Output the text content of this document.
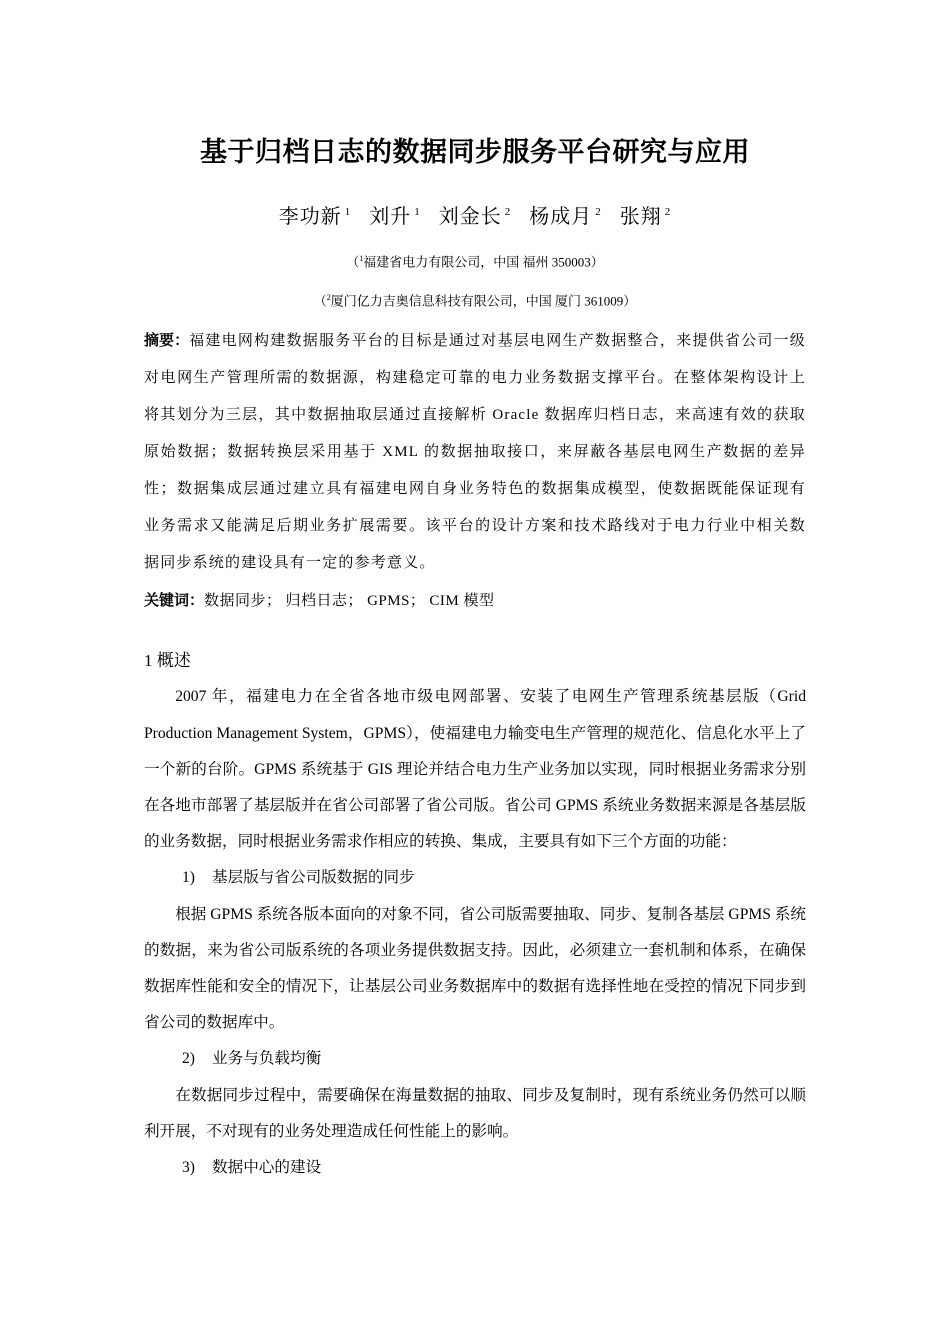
基于归档日志的数据同步服务平台研究与应用
李功新 $^1$ 刘升 $^1$ 刘金长 $^2$ 杨成月 $^2$ 张翔 $^2$
（$^1$福建省电力有限公司，中国 福州 350003）
（$^2$厦门亿力吉奥信息科技有限公司，中国 厦门 361009）
摘要：福建电网构建数据服务平台的目标是通过对基层电网生产数据整合，来提供省公司一级对电网生产管理所需的数据源，构建稳定可靠的电力业务数据支撑平台。在整体架构设计上将其划分为三层，其中数据抽取层通过直接解析 Oracle 数据库归档日志，来高速有效的获取原始数据；数据转换层采用基于 XML 的数据抽取接口，来屏蔽各基层电网生产数据的差异性；数据集成层通过建立具有福建电网自身业务特色的数据集成模型，使数据既能保证现有业务需求又能满足后期业务扩展需要。该平台的设计方案和技术路线对于电力行业中相关数据同步系统的建设具有一定的参考意义。
关键词：数据同步； 归档日志； GPMS； CIM 模型
1 概述

2007 年，福建电力在全省各地市级电网部署、安装了电网生产管理系统基层版（Grid Production Management System，GPMS），使福建电力输变电生产管理的规范化、信息化水平上了一个新的台阶。GPMS 系统基于 GIS 理论并结合电力生产业务加以实现，同时根据业务需求分别在各地市部署了基层版并在省公司部署了省公司版。省公司 GPMS 系统业务数据来源是各基层版的业务数据，同时根据业务需求作相应的转换、集成，主要具有如下三个方面的功能：

1) 基层版与省公司版数据的同步

根据 GPMS 系统各版本面向的对象不同，省公司版需要抽取、同步、复制各基层 GPMS 系统的数据，来为省公司版系统的各项业务提供数据支持。因此，必须建立一套机制和体系，在确保数据库性能和安全的情况下，让基层公司业务数据库中的数据有选择性地在受控的情况下同步到省公司的数据库中。

2) 业务与负载均衡

在数据同步过程中，需要确保在海量数据的抽取、同步及复制时，现有系统业务仍然可以顺利开展，不对现有的业务处理造成任何性能上的影响。

3) 数据中心的建设
